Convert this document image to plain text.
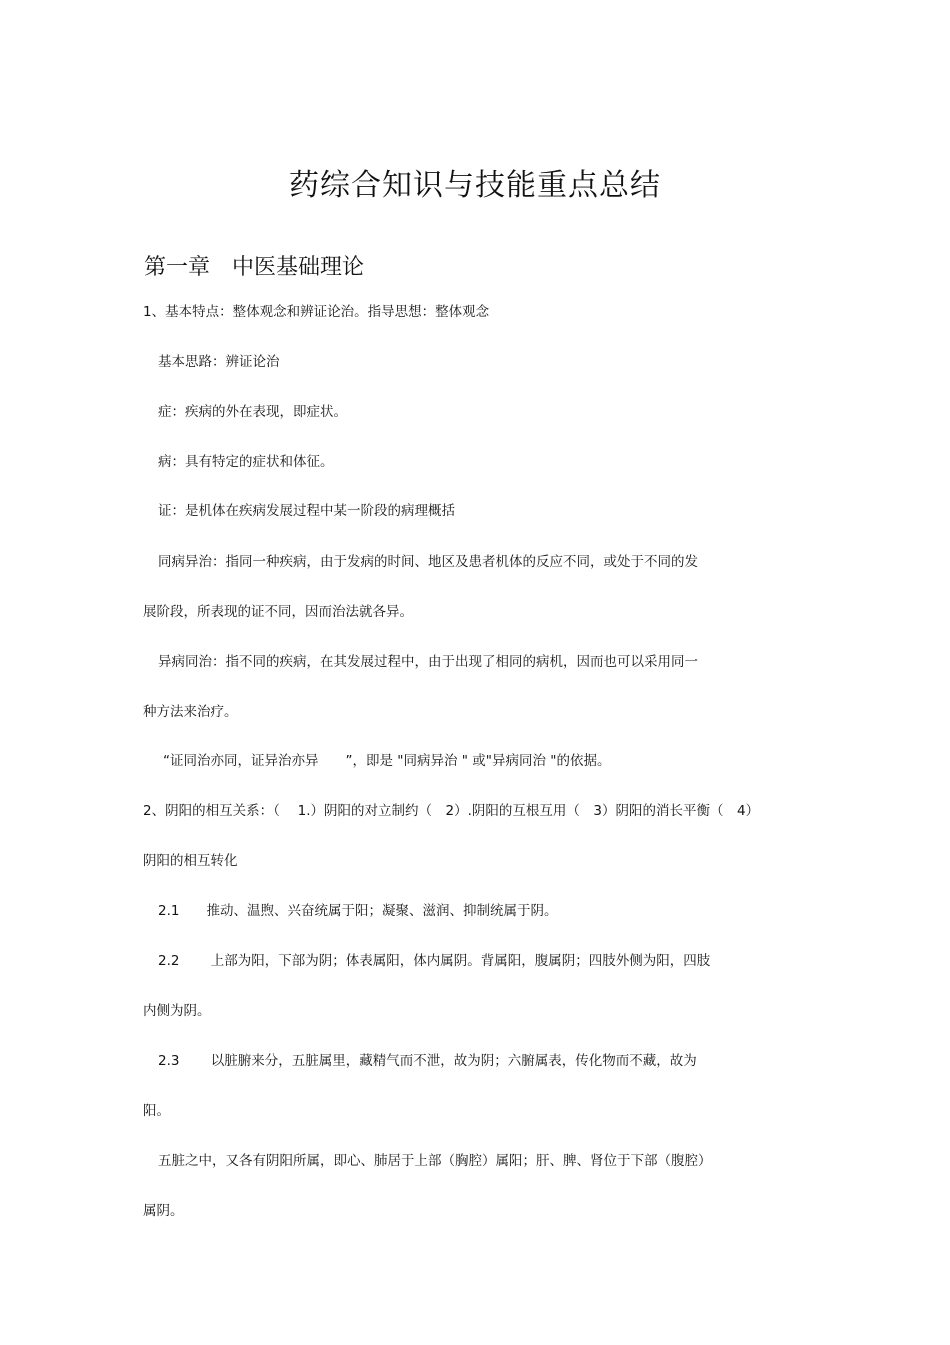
药综合知识与技能重点总结
第一章　中医基础理论
1、基本特点：整体观念和辨证论治。指导思想：整体观念
基本思路：辨证论治
症：疾病的外在表现，即症状。
病：具有特定的症状和体征。
证：是机体在疾病发展过程中某一阶段的病理概括
同病异治：指同一种疾病，由于发病的时间、地区及患者机体的反应不同，或处于不同的发
展阶段，所表现的证不同，因而治法就各异。
异病同治：指不同的疾病，在其发展过程中，由于出现了相同的病机，因而也可以采用同一
种方法来治疗。
“证同治亦同，证异治亦异　　”，即是 "同病异治 " 或"异病同治 "的依据。
2、阴阳的相互关系：（　 1.）阴阳的对立制约（　2）.阴阳的互根互用（　3）阴阳的消长平衡（　4）
阴阳的相互转化
2.1　　推动、温煦、兴奋统属于阳；凝聚、滋润、抑制统属于阴。
2.2　　 上部为阳，下部为阴；体表属阳，体内属阴。背属阳，腹属阴；四肢外侧为阳，四肢
内侧为阴。
2.3　　 以脏腑来分，五脏属里，藏精气而不泄，故为阴；六腑属表，传化物而不藏，故为
阳。
五脏之中，又各有阴阳所属，即心、肺居于上部（胸腔）属阳；肝、脾、肾位于下部（腹腔）
属阴。
